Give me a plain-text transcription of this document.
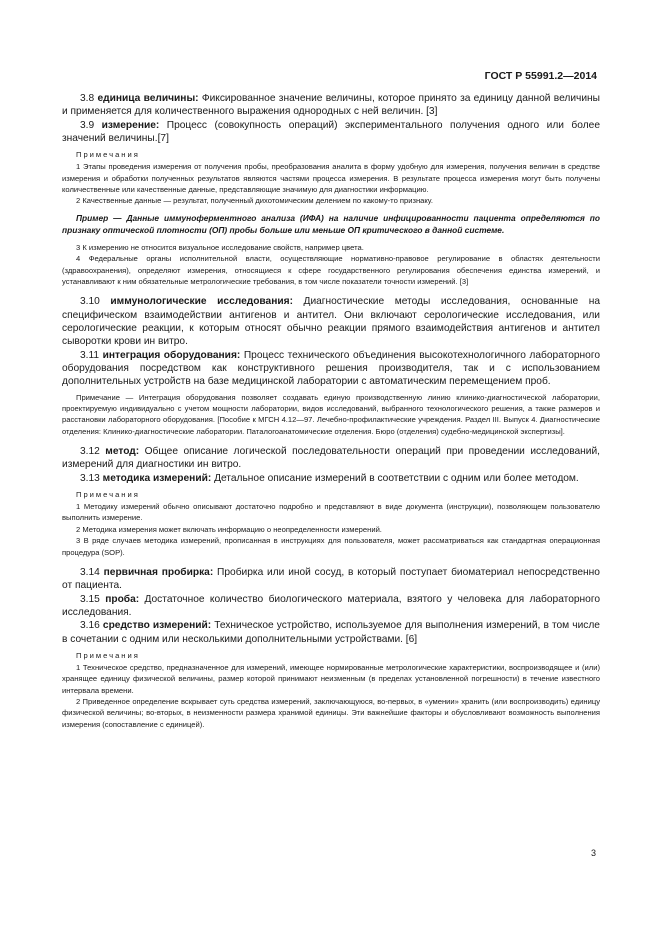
ГОСТ Р 55991.2—2014

3.8 единица величины: Фиксированное значение величины, которое принято за единицу данной величины и применяется для количественного выражения однородных с ней величин. [3]

3.9 измерение: Процесс (совокупность операций) экспериментального получения одного или более значений величины.[7]

Примечания

1 Этапы проведения измерения от получения пробы, преобразования аналита в форму удобную для измерения, получения величин в средстве измерения и обработки полученных результатов являются частями процесса измерения. В результате процесса измерения могут быть получены количественные или качественные данные, представляющие значимую для диагностики информацию.

2 Качественные данные — результат, полученный дихотомическим делением по какому-то признаку.

Пример — Данные иммуноферментного анализа (ИФА) на наличие инфицированности пациента определяются по признаку оптической плотности (ОП) пробы больше или меньше ОП критического в данной системе.

3 К измерению не относится визуальное исследование свойств, например цвета.

4 Федеральные органы исполнительной власти, осуществляющие нормативно-правовое регулирование в областях деятельности (здравоохранения), определяют измерения, относящиеся к сфере государственного регулирования обеспечения единства измерений, и устанавливают к ним обязательные метрологические требования, в том числе показатели точности измерений. [3]

3.10 иммунологические исследования: Диагностические методы исследования, основанные на специфическом взаимодействии антигенов и антител. Они включают серологические исследования, или серологические реакции, к которым относят обычно реакции прямого взаимодействия антигенов и антител сыворотки крови ин витро.

3.11 интеграция оборудования: Процесс технического объединения высокотехнологичного лабораторного оборудования посредством как конструктивного решения производителя, так и с использованием дополнительных устройств на базе медицинской лаборатории с автоматическим перемещением проб.

Примечание — Интеграция оборудования позволяет создавать единую производственную линию клинико-диагностической лаборатории, проектируемую индивидуально с учетом мощности лаборатории, видов исследований, выбранного технологического решения, а также размеров и расстановки лабораторного оборудования. [Пособие к МГСН 4.12—97. Лечебно-профилактические учреждения. Раздел III. Выпуск 4. Диагностические отделения: Клинико-диагностические лаборатории. Паталогоанатомические отделения. Бюро (отделения) судебно-медицинской экспертизы].

3.12 метод: Общее описание логической последовательности операций при проведении исследований, измерений для диагностики ин витро.

3.13 методика измерений: Детальное описание измерений в соответствии с одним или более методом.

Примечания

1 Методику измерений обычно описывают достаточно подробно и представляют в виде документа (инструкции), позволяющем пользователю выполнить измерение.

2 Методика измерения может включать информацию о неопределенности измерений.

3 В ряде случаев методика измерений, прописанная в инструкциях для пользователя, может рассматриваться как стандартная операционная процедура (SOP).

3.14 первичная пробирка: Пробирка или иной сосуд, в который поступает биоматериал непосредственно от пациента.

3.15 проба: Достаточное количество биологического материала, взятого у человека для лабораторного исследования.

3.16 средство измерений: Техническое устройство, используемое для выполнения измерений, в том числе в сочетании с одним или несколькими дополнительными устройствами. [6]

Примечания

1 Техническое средство, предназначенное для измерений, имеющее нормированные метрологические характеристики, воспроизводящее и (или) хранящее единицу физической величины, размер которой принимают неизменным (в пределах установленной погрешности) в течение известного интервала времени.

2 Приведенное определение вскрывает суть средства измерений, заключающуюся, во-первых, в «умении» хранить (или воспроизводить) единицу физической величины; во-вторых, в неизменности размера хранимой единицы. Эти важнейшие факторы и обусловливают возможность выполнения измерения (сопоставление с единицей).

3
